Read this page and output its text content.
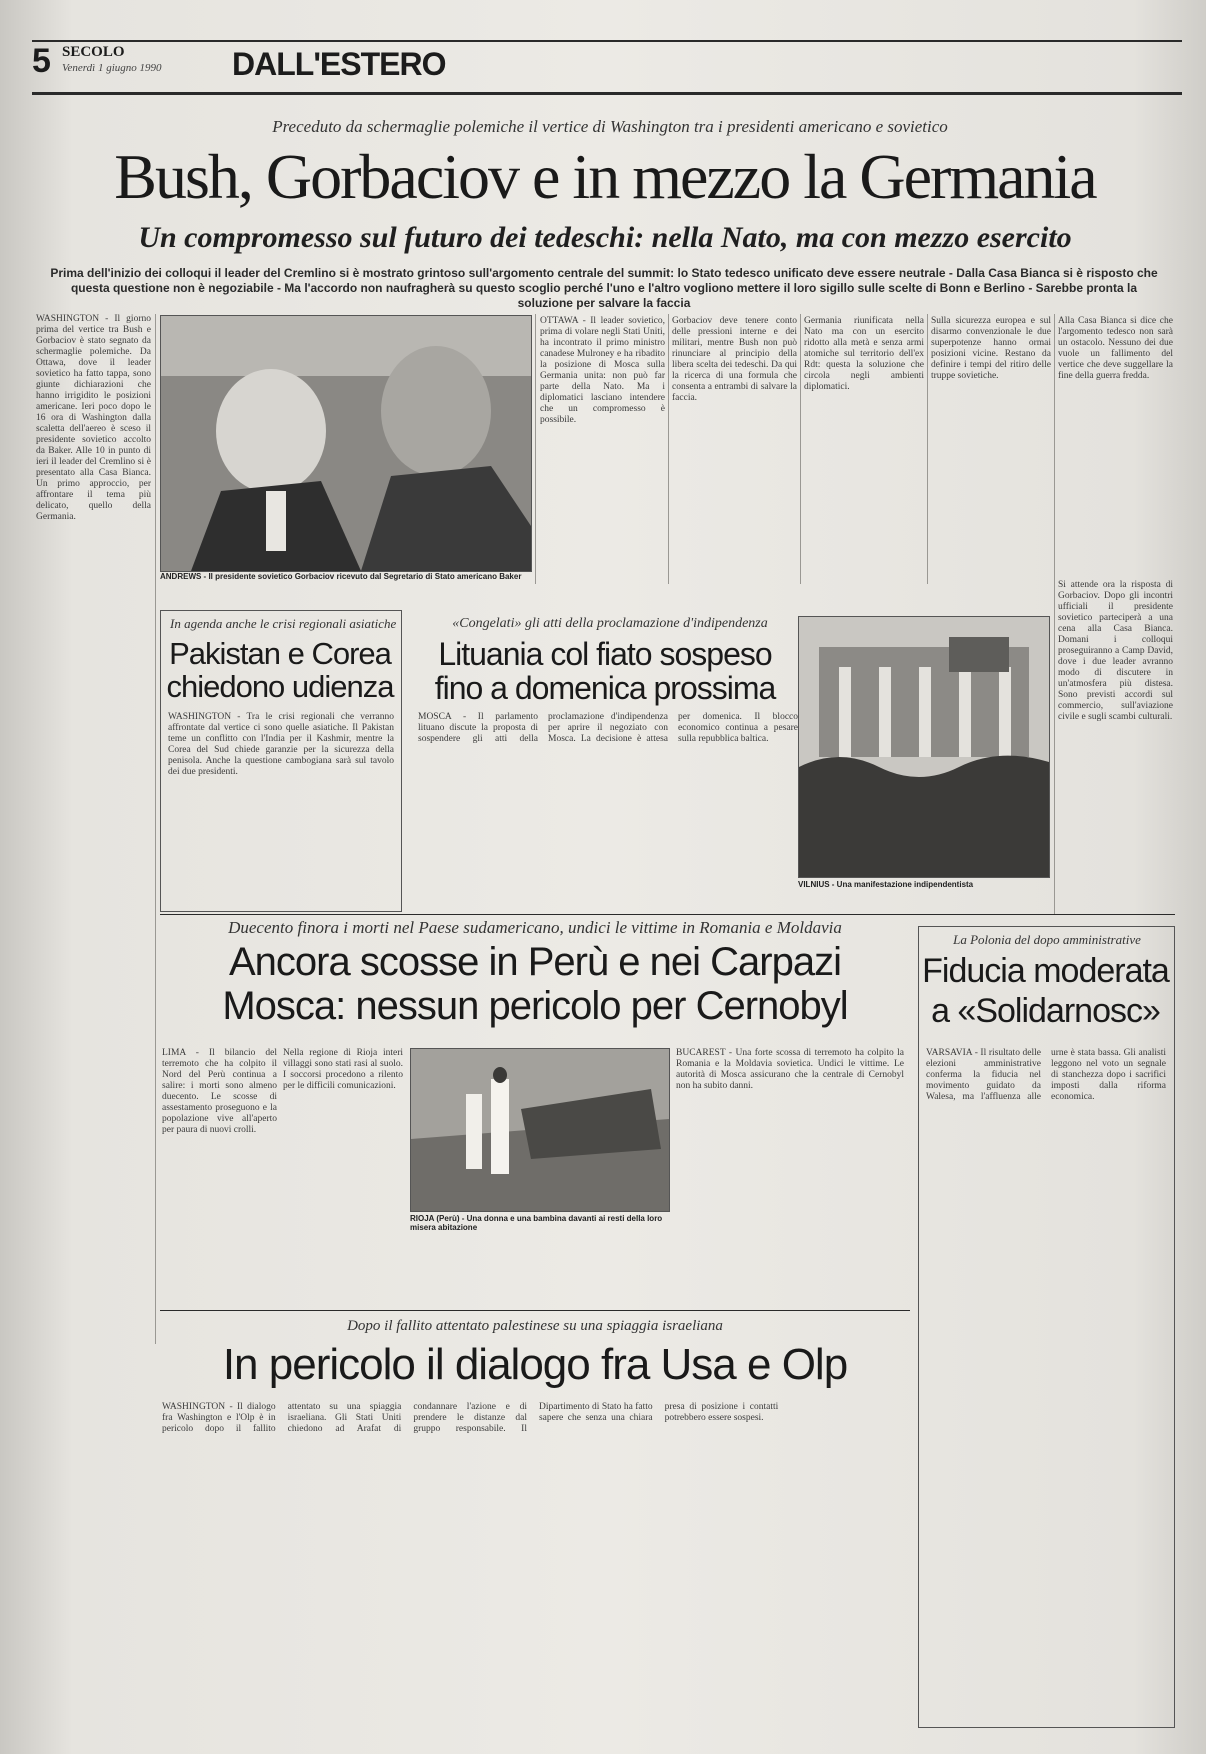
5 SECOLO
Venerdì 1 giugno 1990 DALL'ESTERO
Preceduto da schermaglie polemiche il vertice di Washington tra i presidenti americano e sovietico
Bush, Gorbaciov e in mezzo la Germania
Un compromesso sul futuro dei tedeschi: nella Nato, ma con mezzo esercito
Prima dell'inizio dei colloqui il leader del Cremlino si è mostrato grintoso sull'argomento centrale del summit: lo Stato tedesco unificato deve essere neutrale - Dalla Casa Bianca si è risposto che questa questione non è negoziabile - Ma l'accordo non naufragherà su questo scoglio perché l'uno e l'altro vogliono mettere il loro sigillo sulle scelte di Bonn e Berlino - Sarebbe pronta la soluzione per salvare la faccia
WASHINGTON - Il giorno prima del vertice tra Bush e Gorbaciov è stato segnato da schermaglie polemiche. Da Ottawa, dove il leader sovietico ha fatto tappa, sono giunte dichiarazioni che hanno irrigidito le posizioni americane. Ieri poco dopo le 16 ora di Washington dalla scaletta dell'aereo è sceso il presidente sovietico accolto da Baker. Alle 10 in punto di ieri il leader del Cremlino si è presentato alla Casa Bianca. Un primo approccio, per affrontare il tema più delicato, quello della Germania.
ANDREWS - Il presidente sovietico Gorbaciov ricevuto dal Segretario di Stato americano Baker
OTTAWA - Il leader sovietico, prima di volare negli Stati Uniti, ha incontrato il primo ministro canadese Mulroney e ha ribadito la posizione di Mosca sulla Germania unita: non può far parte della Nato. Ma i diplomatici lasciano intendere che un compromesso è possibile.
Gorbaciov deve tenere conto delle pressioni interne e dei militari, mentre Bush non può rinunciare al principio della libera scelta dei tedeschi. Da qui la ricerca di una formula che consenta a entrambi di salvare la faccia.
Germania riunificata nella Nato ma con un esercito ridotto alla metà e senza armi atomiche sul territorio dell'ex Rdt: questa la soluzione che circola negli ambienti diplomatici.
Sulla sicurezza europea e sul disarmo convenzionale le due superpotenze hanno ormai posizioni vicine. Restano da definire i tempi del ritiro delle truppe sovietiche.
Alla Casa Bianca si dice che l'argomento tedesco non sarà un ostacolo. Nessuno dei due vuole un fallimento del vertice che deve suggellare la fine della guerra fredda.
In agenda anche le crisi regionali asiatiche
Pakistan e Corea
chiedono udienza
WASHINGTON - Tra le crisi regionali che verranno affrontate dal vertice ci sono quelle asiatiche. Il Pakistan teme un conflitto con l'India per il Kashmir, mentre la Corea del Sud chiede garanzie per la sicurezza della penisola. Anche la questione cambogiana sarà sul tavolo dei due presidenti.
«Congelati» gli atti della proclamazione d'indipendenza
Lituania col fiato sospeso
fino a domenica prossima
MOSCA - Il parlamento lituano discute la proposta di sospendere gli atti della proclamazione d'indipendenza per aprire il negoziato con Mosca. La decisione è attesa per domenica. Il blocco economico continua a pesare sulla repubblica baltica.
VILNIUS - Una manifestazione indipendentista
Si attende ora la risposta di Gorbaciov. Dopo gli incontri ufficiali il presidente sovietico parteciperà a una cena alla Casa Bianca. Domani i colloqui proseguiranno a Camp David, dove i due leader avranno modo di discutere in un'atmosfera più distesa. Sono previsti accordi sul commercio, sull'aviazione civile e sugli scambi culturali.
Duecento finora i morti nel Paese sudamericano, undici le vittime in Romania e Moldavia
Ancora scosse in Perù e nei Carpazi
Mosca: nessun pericolo per Cernobyl
LIMA - Il bilancio del terremoto che ha colpito il Nord del Perù continua a salire: i morti sono almeno duecento. Le scosse di assestamento proseguono e la popolazione vive all'aperto per paura di nuovi crolli.
Nella regione di Rioja interi villaggi sono stati rasi al suolo. I soccorsi procedono a rilento per le difficili comunicazioni.
RIOJA (Perù) - Una donna e una bambina davanti ai resti della loro misera abitazione
BUCAREST - Una forte scossa di terremoto ha colpito la Romania e la Moldavia sovietica. Undici le vittime. Le autorità di Mosca assicurano che la centrale di Cernobyl non ha subito danni.
La Polonia del dopo amministrative
Fiducia moderata
a «Solidarnosc»
VARSAVIA - Il risultato delle elezioni amministrative conferma la fiducia nel movimento guidato da Walesa, ma l'affluenza alle urne è stata bassa. Gli analisti leggono nel voto un segnale di stanchezza dopo i sacrifici imposti dalla riforma economica.
Dopo il fallito attentato palestinese su una spiaggia israeliana
In pericolo il dialogo fra Usa e Olp
WASHINGTON - Il dialogo fra Washington e l'Olp è in pericolo dopo il fallito attentato su una spiaggia israeliana. Gli Stati Uniti chiedono ad Arafat di condannare l'azione e di prendere le distanze dal gruppo responsabile. Il Dipartimento di Stato ha fatto sapere che senza una chiara presa di posizione i contatti potrebbero essere sospesi.
